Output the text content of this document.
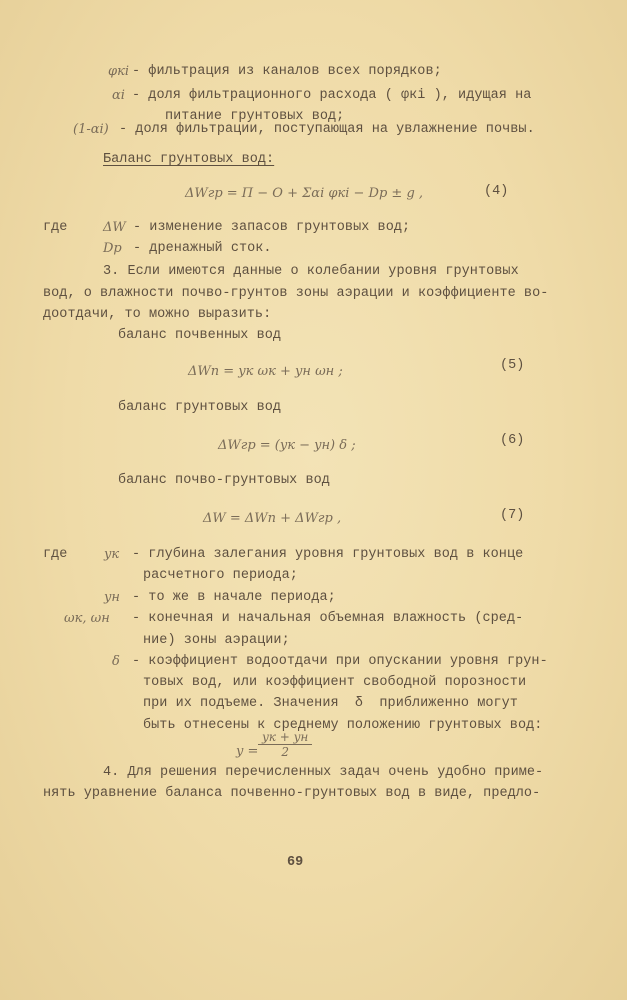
φкi - фильтрация из каналов всех порядков;
αi - доля фильтрационного расхода ( φкi ), идущая на
питание грунтовых вод;
(1-αi) - доля фильтрации, поступающая на увлажнение почвы.
Баланс грунтовых вод:
ΔWгр = П − О + Σαi φкi − Dр ± g ,	(4)
где	ΔW - изменение запасов грунтовых вод;
Dр - дренажный сток.
3. Если имеются данные о колебании уровня грунтовых
вод, о влажности почво-грунтов зоны аэрации и коэффициенте во-
доотдачи, то можно выразить:
баланс почвенных вод
ΔWп = yк ωк + yн ωн ;	(5)
баланс грунтовых вод
ΔWгр = (yк − yн) δ ;	(6)
баланс почво-грунтовых вод
ΔW = ΔWп + ΔWгр ,	(7)
где	yк - глубина залегания уровня грунтовых вод в конце
расчетного периода;
yн - то же в начале периода;
ωк, ωн - конечная и начальная объемная влажность (сред-
ние) зоны аэрации;
δ - коэффициент водоотдачи при опускании уровня грун-
товых вод, или коэффициент свободной порозности
при их подъеме. Значения  δ  приближенно могут
быть отнесены к среднему положению грунтовых вод:
y =
yк + yн
2
4. Для решения перечисленных задач очень удобно приме-
нять уравнение баланса почвенно-грунтовых вод в виде, предло-
69
